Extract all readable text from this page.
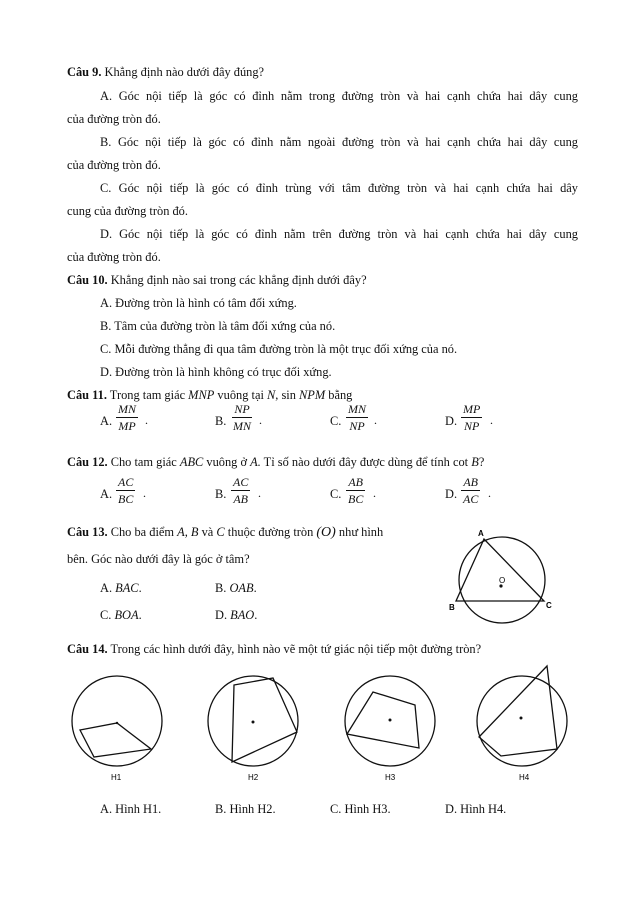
Câu 9. Khẳng định nào dưới đây đúng?
A. Góc nội tiếp là góc có đỉnh nằm trong đường tròn và hai cạnh chứa hai dây cung
của đường tròn đó.
B. Góc nội tiếp là góc có đỉnh nằm ngoài đường tròn và hai cạnh chứa hai dây cung
của đường tròn đó.
C. Góc nội tiếp là góc có đỉnh trùng với tâm đường tròn và hai cạnh chứa hai dây
cung của đường tròn đó.
D. Góc nội tiếp là góc có đỉnh nằm trên đường tròn và hai cạnh chứa hai dây cung
của đường tròn đó.
Câu 10. Khẳng định nào sai trong các khẳng định dưới đây?
A. Đường tròn là hình có tâm đối xứng.
B. Tâm của đường tròn là tâm đối xứng của nó.
C. Mỗi đường thẳng đi qua tâm đường tròn là một trục đối xứng của nó.
D. Đường tròn là hình không có trục đối xứng.
Câu 11. Trong tam giác MNP vuông tại N, sin NPM bằng
A. $\frac{MN}{MP}$ .	B. $\frac{NP}{MN}$ .	C. $\frac{MN}{NP}$ .	D. $\frac{MP}{NP}$ .
Câu 12. Cho tam giác ABC vuông ở A. Tỉ số nào dưới đây được dùng để tính cot B?
A. $\frac{AC}{BC}$ .	B. $\frac{AC}{AB}$ .	C. $\frac{AB}{BC}$ .	D. $\frac{AB}{AC}$ .
Câu 13. Cho ba điểm A, B và C thuộc đường tròn (O) như hình
bên. Góc nào dưới đây là góc ở tâm?
A. BAC.	B. OAB.
C. BOA.	D. BAO.
A
B	C
O
Câu 14. Trong các hình dưới đây, hình nào vẽ một tứ giác nội tiếp một đường tròn?
H1	H2	H3	H4
A. Hình H1.	B. Hình H2.	C. Hình H3.	D. Hình H4.
